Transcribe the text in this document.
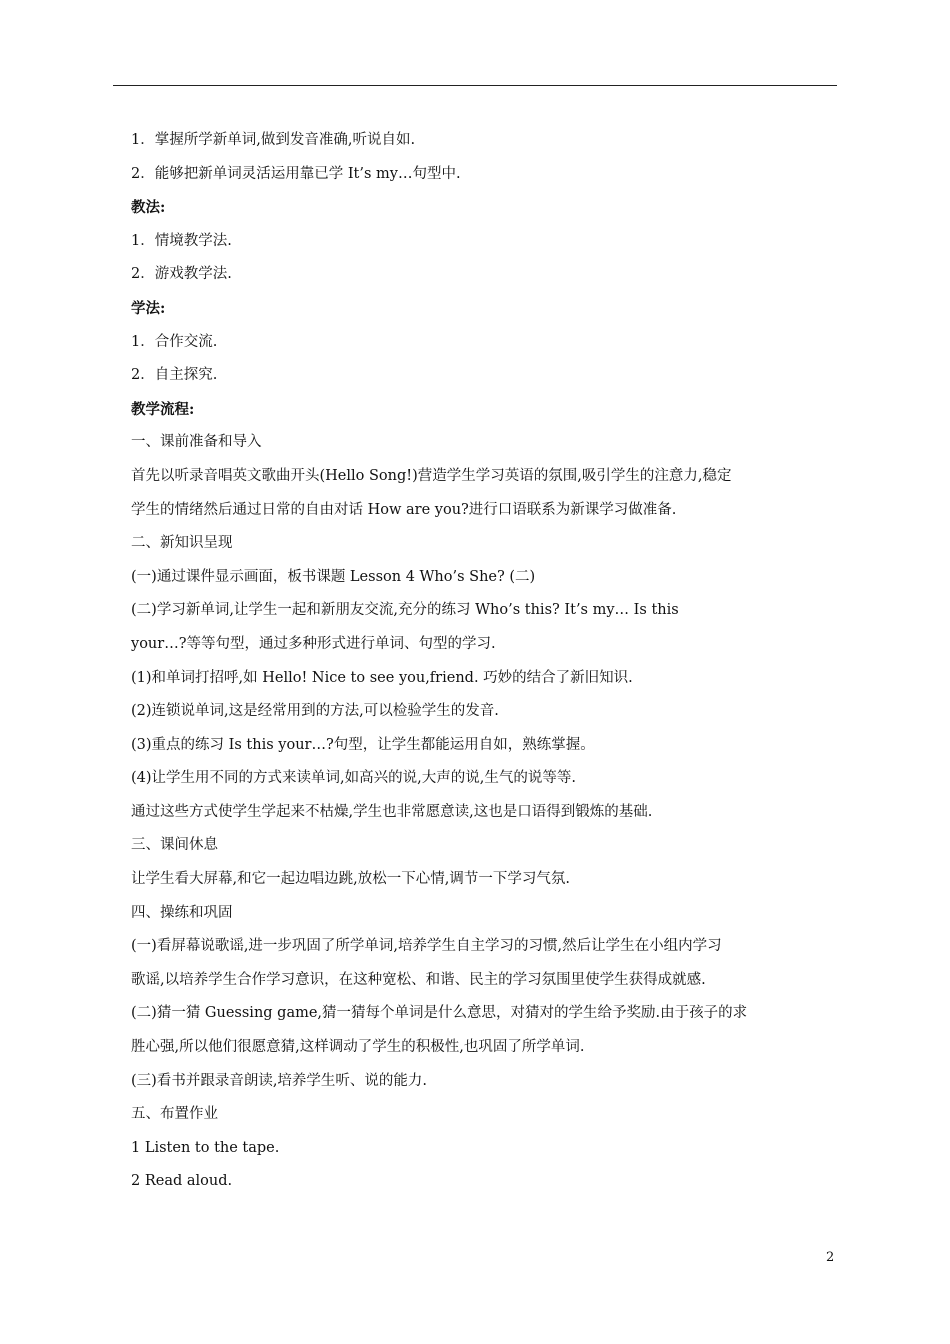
1．掌握所学新单词,做到发音准确,听说自如.
2．能够把新单词灵活运用靠已学 It’s my…句型中.
教法:
1．情境教学法.
2．游戏教学法.
学法:
1．合作交流.
2．自主探究.
教学流程:
一、课前准备和导入
首先以听录音唱英文歌曲开头(Hello Song!)营造学生学习英语的氛围,吸引学生的注意力,稳定
学生的情绪然后通过日常的自由对话 How are you?进行口语联系为新课学习做准备.
二、新知识呈现
(一)通过课件显示画面，板书课题 Lesson 4 Who’s She? (二)
(二)学习新单词,让学生一起和新朋友交流,充分的练习 Who’s this? It’s my… Is this
your…?等等句型，通过多种形式进行单词、句型的学习.
(1)和单词打招呼,如 Hello! Nice to see you,friend. 巧妙的结合了新旧知识.
(2)连锁说单词,这是经常用到的方法,可以检验学生的发音.
(3)重点的练习 Is this your…?句型，让学生都能运用自如，熟练掌握。
(4)让学生用不同的方式来读单词,如高兴的说,大声的说,生气的说等等.
通过这些方式使学生学起来不枯燥,学生也非常愿意读,这也是口语得到锻炼的基础.
三、课间休息
让学生看大屏幕,和它一起边唱边跳,放松一下心情,调节一下学习气氛.
四、操练和巩固
(一)看屏幕说歌谣,进一步巩固了所学单词,培养学生自主学习的习惯,然后让学生在小组内学习
歌谣,以培养学生合作学习意识，在这种宽松、和谐、民主的学习氛围里使学生获得成就感.
(二)猜一猜 Guessing game,猜一猜每个单词是什么意思，对猜对的学生给予奖励.由于孩子的求
胜心强,所以他们很愿意猜,这样调动了学生的积极性,也巩固了所学单词.
(三)看书并跟录音朗读,培养学生听、说的能力.
五、布置作业
1 Listen to the tape.
2 Read aloud.
2
